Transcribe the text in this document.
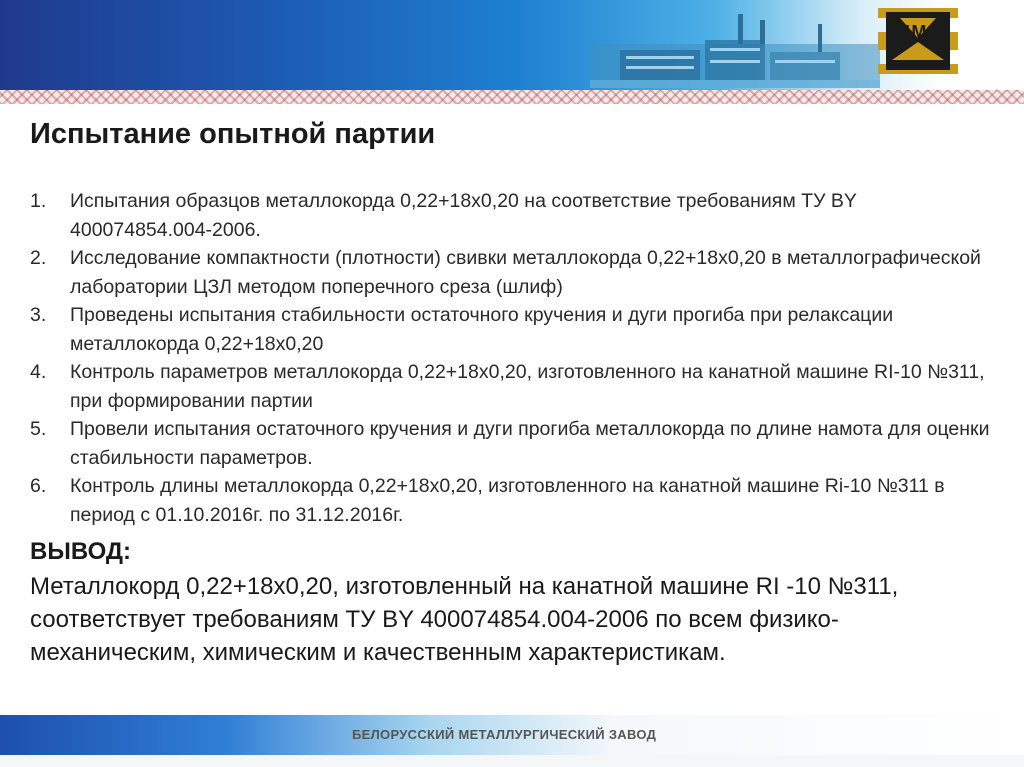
БМЗ
Испытание опытной партии
1. Испытания образцов металлокорда 0,22+18х0,20 на соответствие требованиям ТУ BY 400074854.004-2006.
2. Исследование компактности (плотности) свивки металлокорда 0,22+18х0,20 в металлографической лаборатории ЦЗЛ методом поперечного среза (шлиф)
3. Проведены испытания стабильности остаточного кручения и дуги прогиба при релаксации металлокорда 0,22+18х0,20
4. Контроль параметров металлокорда 0,22+18х0,20, изготовленного на канатной машине RI-10 №311, при формировании партии
5. Провели испытания остаточного кручения и дуги прогиба металлокорда по длине намота для оценки стабильности параметров.
6. Контроль длины металлокорда 0,22+18х0,20, изготовленного на канатной машине Ri-10 №311 в период с 01.10.2016г. по 31.12.2016г.
ВЫВОД:

Металлокорд 0,22+18х0,20, изготовленный на канатной машине RI -10 №311, соответствует требованиям ТУ BY 400074854.004-2006 по всем физико-механическим, химическим и качественным характеристикам.

БЕЛОРУССКИЙ МЕТАЛЛУРГИЧЕСКИЙ ЗАВОД
